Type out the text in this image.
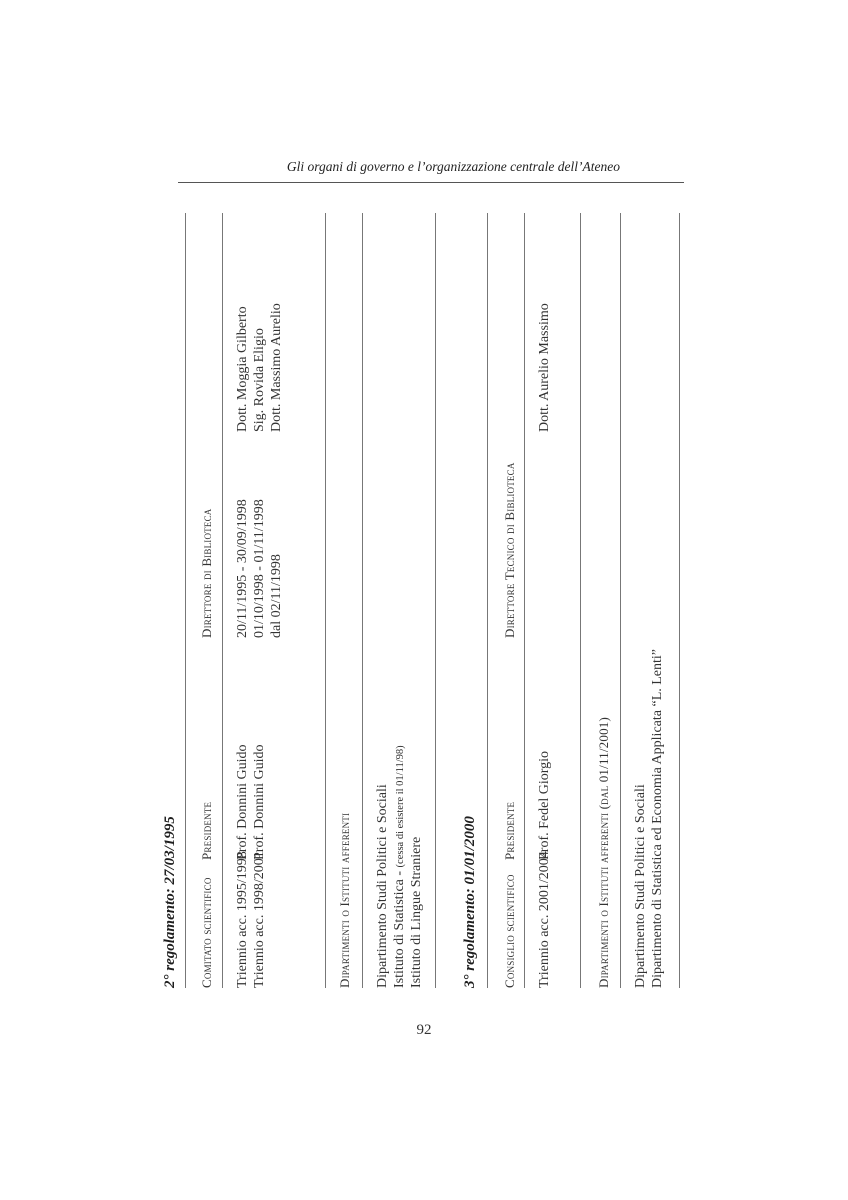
Gli organi di governo e l’organizzazione centrale dell’Ateneo
2° regolamento: 27/03/1995 Comitato scientifico
Presidente
Direttore di Biblioteca
Triennio acc. 1995/1998 Triennio acc. 1998/2001
Prof. Donnini Guido Prof. Donnini Guido
20/11/1995 - 30/09/1998 01/10/1998 - 01/11/1998 dal 02/11/1998
Dott. Moggia Gilberto Sig. Rovida Eligio Dott. Massimo Aurelio
Dipartimenti o Istituti afferenti Dipartimento Studi Politici e Sociali Istituto di Statistica - (cessa di esistere il 01/11/98)
Istituto di Lingue Straniere	3° regolamento: 01/01/2000 Consiglio scientifico
Presidente
Direttore Tecnico di Biblioteca
Triennio acc. 2001/2004
Prof. Fedel Giorgio
Dott. Aurelio Massimo
Dipartimenti o Istituti afferenti (dal 01/11/2001)
Dipartimento Studi Politici e Sociali Dipartimento di Statistica ed Economia Applicata “L. Lenti”
92
